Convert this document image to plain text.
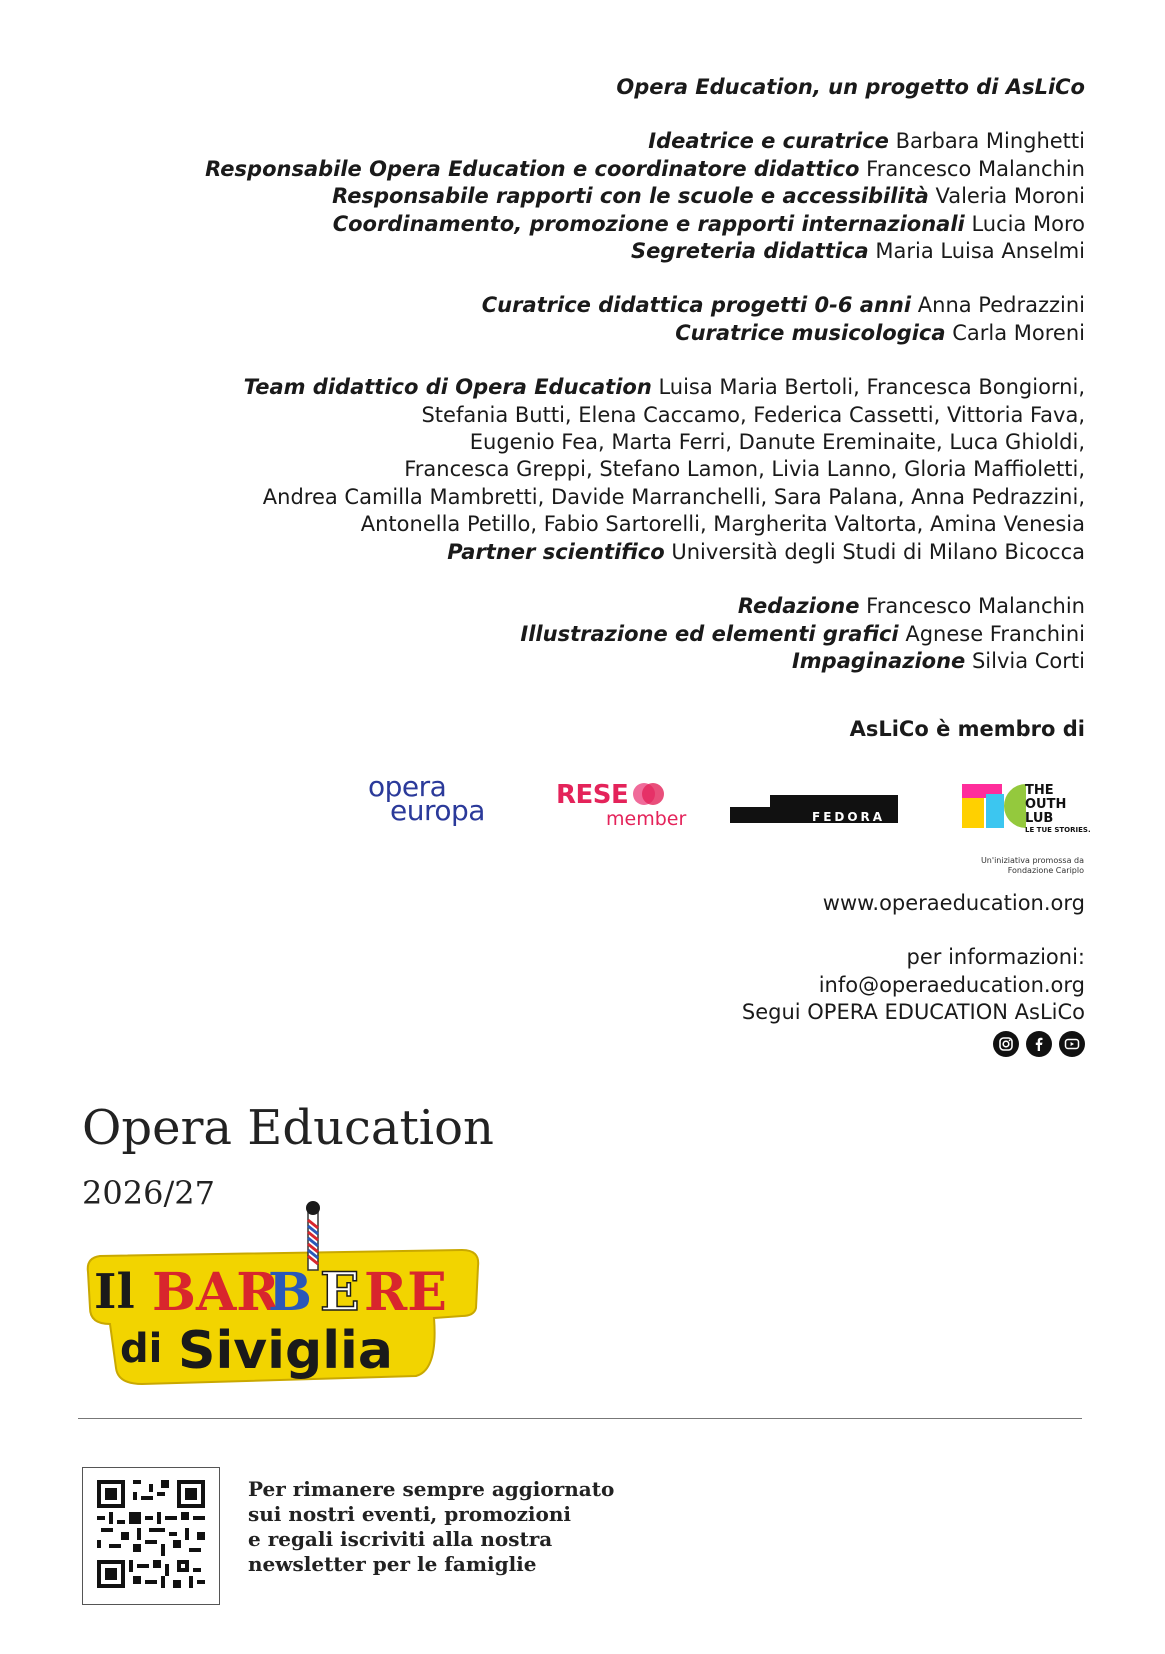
Opera Education, un progetto di AsLiCo

Ideatrice e curatrice Barbara Minghetti

Responsabile Opera Education e coordinatore didattico Francesco Malanchin

Responsabile rapporti con le scuole e accessibilità Valeria Moroni

Coordinamento, promozione e rapporti internazionali Lucia Moro

Segreteria didattica Maria Luisa Anselmi

Curatrice didattica progetti 0-6 anni Anna Pedrazzini

Curatrice musicologica Carla Moreni

Team didattico di Opera Education Luisa Maria Bertoli, Francesca Bongiorni,

Stefania Butti, Elena Caccamo, Federica Cassetti, Vittoria Fava,

Eugenio Fea, Marta Ferri, Danute Ereminaite, Luca Ghioldi,

Francesca Greppi, Stefano Lamon, Livia Lanno, Gloria Maffioletti,

Andrea Camilla Mambretti, Davide Marranchelli, Sara Palana, Anna Pedrazzini,

Antonella Petillo, Fabio Sartorelli, Margherita Valtorta, Amina Venesia

Partner scientifico Università degli Studi di Milano Bicocca

Redazione Francesco Malanchin

Illustrazione ed elementi grafici Agnese Franchini

Impaginazione Silvia Corti

AsLiCo è membro di

opera
europa	RESE
member	FEDORA
THE
OUTH
LUB
LE TUE STORIES.
Un'iniziativa promossa da
Fondazione Cariplo

www.operaeducation.org

per informazioni:

info@operaeducation.org

Segui OPERA EDUCATION AsLiCo

Opera Education

2026/27

Il BAR
B E RE
di Siviglia

Per rimanere sempre aggiornato
sui nostri eventi, promozioni
e regali iscriviti alla nostra
newsletter per le famiglie
